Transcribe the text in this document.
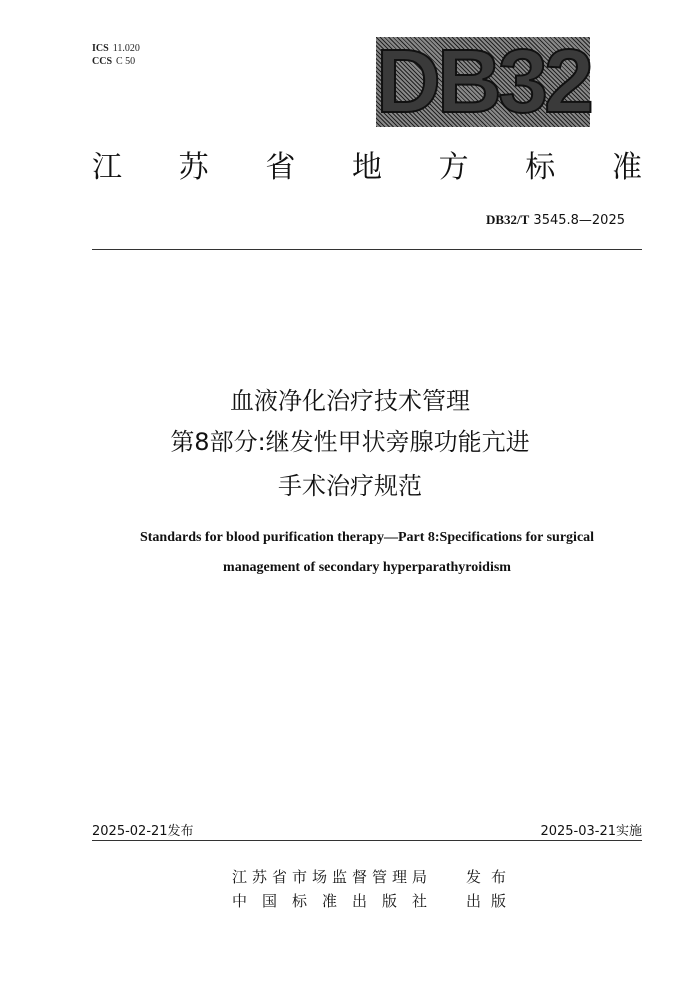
ICS 11.020
CCS C 50	DB32
江 苏 省 地 方 标 准
DB32/T 3545.8—2025
血液净化治疗技术管理
第8部分:继发性甲状旁腺功能亢进
手术治疗规范
Standards for blood purification therapy—Part 8:Specifications for surgical
management of secondary hyperparathyroidism
2025-02-21发布	2025-03-21实施
江苏省市场监督管理局 发布
中国标准出版社 出版
